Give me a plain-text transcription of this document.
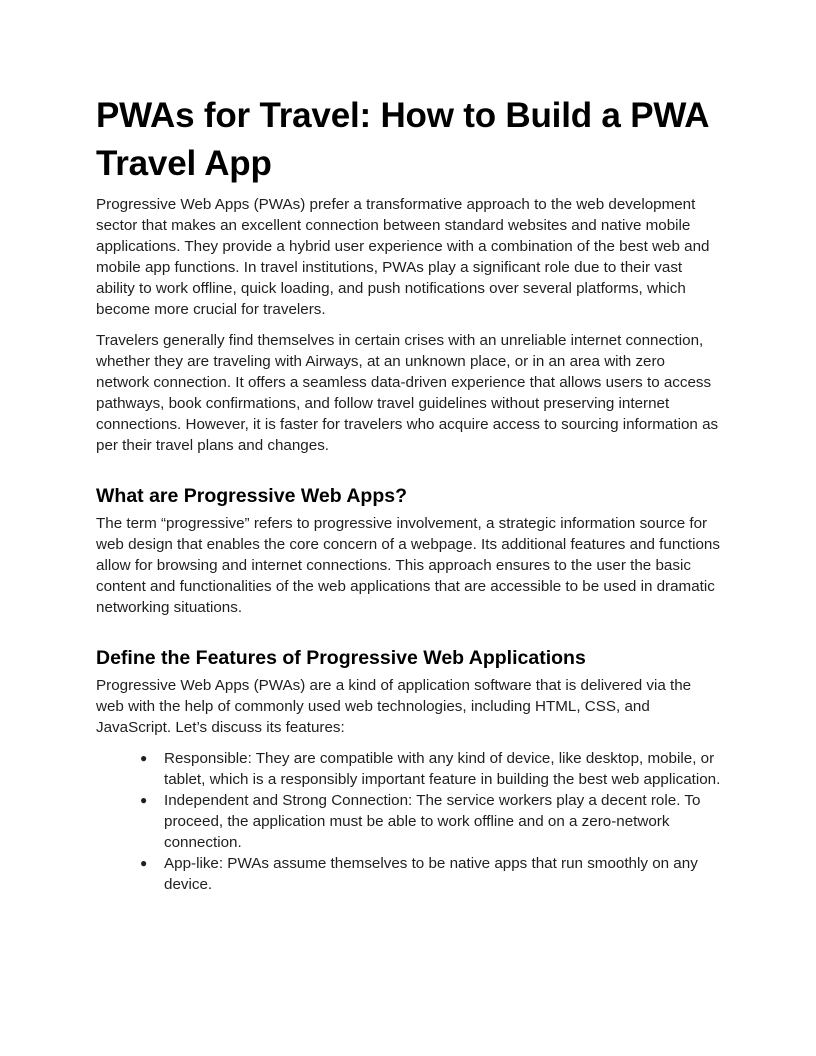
PWAs for Travel: How to Build a PWA Travel App

Progressive Web Apps (PWAs) prefer a transformative approach to the web development sector that makes an excellent connection between standard websites and native mobile applications. They provide a hybrid user experience with a combination of the best web and mobile app functions. In travel institutions, PWAs play a significant role due to their vast ability to work offline, quick loading, and push notifications over several platforms, which become more crucial for travelers.

Travelers generally find themselves in certain crises with an unreliable internet connection, whether they are traveling with Airways, at an unknown place, or in an area with zero network connection. It offers a seamless data-driven experience that allows users to access pathways, book confirmations, and follow travel guidelines without preserving internet connections. However, it is faster for travelers who acquire access to sourcing information as per their travel plans and changes.

What are Progressive Web Apps?

The term “progressive” refers to progressive involvement, a strategic information source for web design that enables the core concern of a webpage. Its additional features and functions allow for browsing and internet connections. This approach ensures to the user the basic content and functionalities of the web applications that are accessible to be used in dramatic networking situations.

Define the Features of Progressive Web Applications

Progressive Web Apps (PWAs) are a kind of application software that is delivered via the web with the help of commonly used web technologies, including HTML, CSS, and JavaScript. Let’s discuss its features:

● Responsible: They are compatible with any kind of device, like desktop, mobile, or tablet, which is a responsibly important feature in building the best web application.
● Independent and Strong Connection: The service workers play a decent role. To proceed, the application must be able to work offline and on a zero-network connection.
● App-like: PWAs assume themselves to be native apps that run smoothly on any device.
